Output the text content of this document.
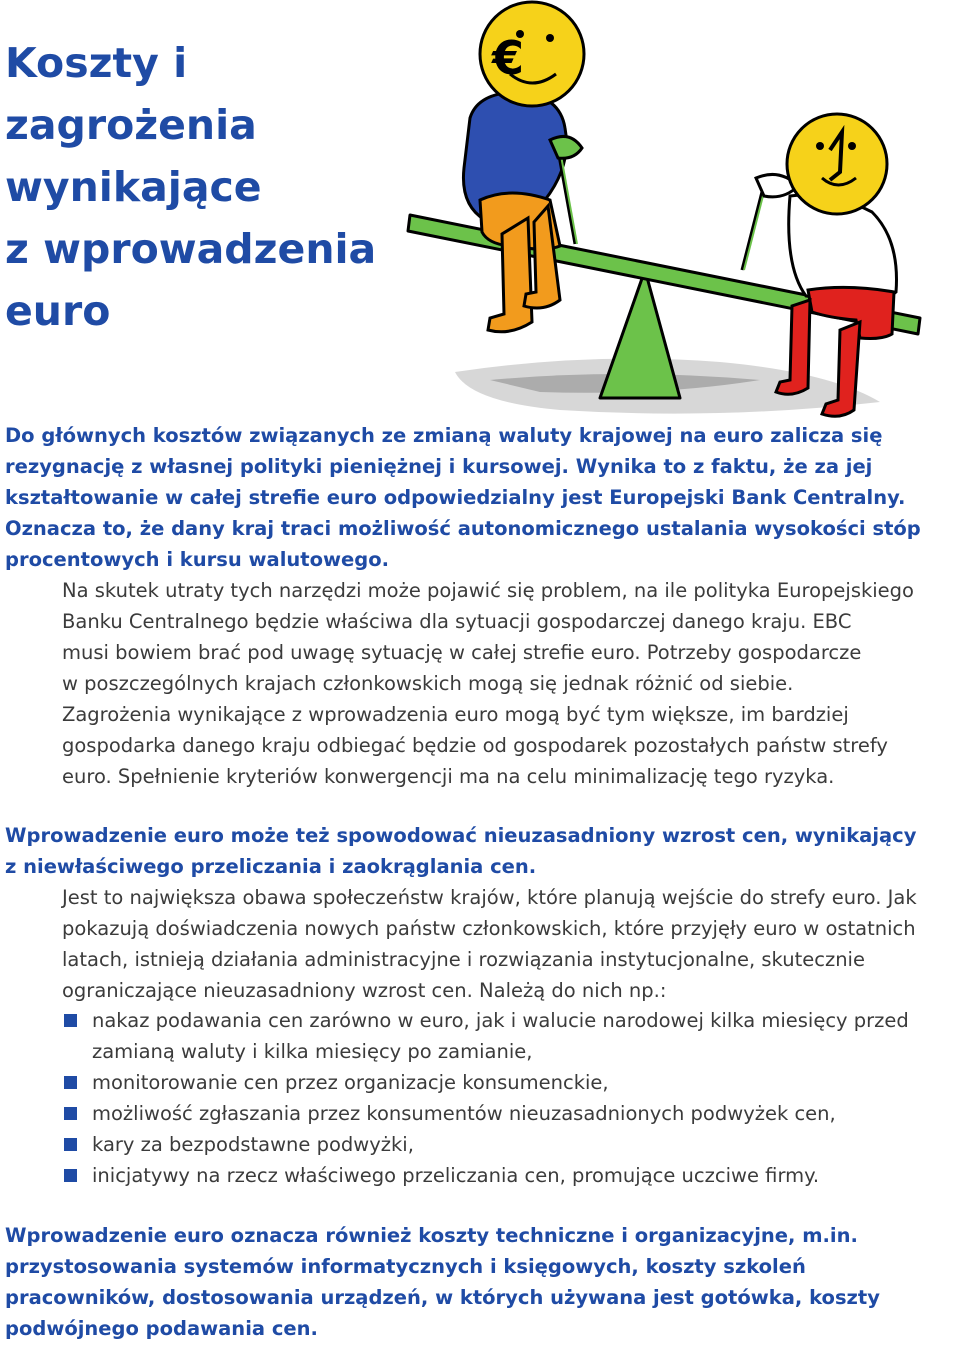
Koszty i zagrożenia
wynikające
z wprowadzenia
euro
€

Do głównych kosztów związanych ze zmianą waluty krajowej na euro zalicza się
rezygnację z własnej polityki pieniężnej i kursowej. Wynika to z faktu, że za jej
kształtowanie w całej strefie euro odpowiedzialny jest Europejski Bank Centralny.
Oznacza to, że dany kraj traci możliwość autonomicznego ustalania wysokości stóp
procentowych i kursu walutowego.

Na skutek utraty tych narzędzi może pojawić się problem, na ile polityka Europejskiego
Banku Centralnego będzie właściwa dla sytuacji gospodarczej danego kraju. EBC
musi bowiem brać pod uwagę sytuację w całej strefie euro. Potrzeby gospodarcze
w poszczególnych krajach członkowskich mogą się jednak różnić od siebie.
Zagrożenia wynikające z wprowadzenia euro mogą być tym większe, im bardziej
gospodarka danego kraju odbiegać będzie od gospodarek pozostałych państw strefy
euro. Spełnienie kryteriów konwergencji ma na celu minimalizację tego ryzyka.

Wprowadzenie euro może też spowodować nieuzasadniony wzrost cen, wynikający
z niewłaściwego przeliczania i zaokrąglania cen.

Jest to największa obawa społeczeństw krajów, które planują wejście do strefy euro. Jak
pokazują doświadczenia nowych państw członkowskich, które przyjęły euro w ostatnich
latach, istnieją działania administracyjne i rozwiązania instytucjonalne, skutecznie
ograniczające nieuzasadniony wzrost cen. Należą do nich np.:

nakaz podawania cen zarówno w euro, jak i walucie narodowej kilka miesięcy przed
zamianą waluty i kilka miesięcy po zamianie,
monitorowanie cen przez organizacje konsumenckie,
możliwość zgłaszania przez konsumentów nieuzasadnionych podwyżek cen,
kary za bezpodstawne podwyżki,
inicjatywy na rzecz właściwego przeliczania cen, promujące uczciwe firmy.

Wprowadzenie euro oznacza również koszty techniczne i organizacyjne, m.in.
przystosowania systemów informatycznych i księgowych, koszty szkoleń
pracowników, dostosowania urządzeń, w których używana jest gotówka, koszty
podwójnego podawania cen.
